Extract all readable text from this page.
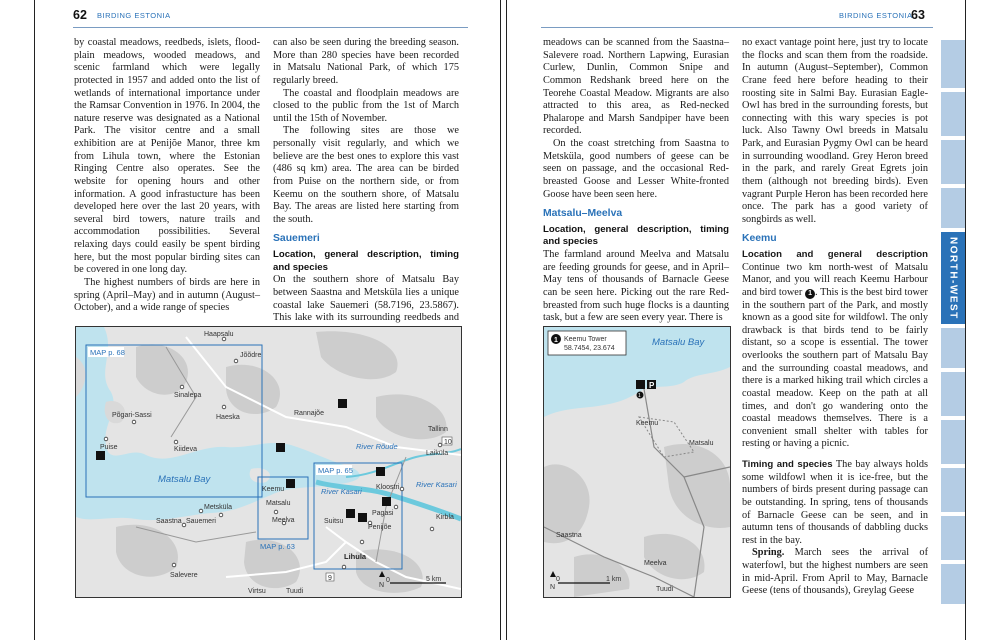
62 BIRDING ESTONIA

by coastal meadows, reedbeds, islets, flood-plain meadows, wooded meadows, and scenic farmland which were legally protected in 1957 and added onto the list of wetlands of international importance under the Ramsar Convention in 1976. In 2004, the nature reserve was designated as a National Park. The visitor centre and a small exhibition are at Penijõe Manor, three km from Lihula town, where the Estonian Ringing Centre also operates. See the website for opening hours and other information. A good infrastucture has been developed here over the last 20 years, with several bird towers, nature trails and accommodation possibilities. Several relaxing days could easily be spent birding here, but the most popular birding sites can be covered in one long day.

The highest numbers of birds are here in spring (April–May) and in autumn (August–October), and a wide range of species

can also be seen during the breeding season. More than 280 species have been recorded in Matsalu National Park, of which 175 regularly breed.

The coastal and floodplain meadows are closed to the public from the 1st of March until the 15th of November.

The following sites are those we personally visit regularly, and which we believe are the best ones to explore this vast (486 sq km) area. The area can be birded from Puise on the northern side, or from Keemu on the southern shore, of Matsalu Bay. The areas are listed here starting from the south.

Sauemeri
Location, general description, timing and species

On the southern shore of Matsalu Bay between Saastna and Metsküla lies a unique coastal lake Sauemeri (58.7196, 23.5867). This lake with its surrounding reedbeds and

MAP p. 68
MAP p. 65
MAP p. 63
Matsalu Bay
River Rõude
River Kasari
River Kasari
Haapsalu
Jõõdre
Sinalepa
Haeska
Rannajõe
Põgari-Sassi
Puise	Kiideva
Laiküla
Tallinn
Keemu
Matsalu
Kloostri
Metsküla
Saastna Sauemeri	Meelva	Suitsu
Pagasi
Penijõe
Kirbla
Lihula
Salevere
Tuudi
Virtsu
10
9	0	5 km
N
63
BIRDING ESTONIA

meadows can be scanned from the Saastna–Salevere road. Northern Lapwing, Eurasian Curlew, Dunlin, Common Snipe and Common Redshank breed here on the Teorehe Coastal Meadow. Migrants are also attracted to this area, as Red-necked Phalarope and Marsh Sandpiper have been recorded.

On the coast stretching from Saastna to Metsküla, good numbers of geese can be seen on passage, and the occasional Red-breasted Goose and Lesser White-fronted Goose have been seen here.

Matsalu–Meelva
Location, general description, timing and species

The farmland around Meelva and Matsalu are feeding grounds for geese, and in April–May tens of thousands of Barnacle Geese can be seen here. Picking out the rare Red-breasted from such huge flocks is a daunting task, but a few are seen every year. There is

no exact vantage point here, just try to locate the flocks and scan them from the roadside. In autumn (August–September), Common Crane feed here before heading to their roosting site in Salmi Bay. Eurasian Eagle-Owl has bred in the surrounding forests, but connecting with this wary species is pot luck. Also Tawny Owl breeds in Matsalu Park, and Eurasian Pygmy Owl can be heard in surrounding woodland. Grey Heron breed in the park, and rarely Great Egrets join them (although not breeding birds). Even vagrant Purple Heron has been recorded here once. The park has a good variety of songbirds as well.

Keemu

Location and general description Continue two km north-west of Matsalu Manor, and you will reach Keemu Harbour and bird tower 1 . This is the best bird tower in the southern part of the Park, and mostly known as a good site for wildfowl. The only drawback is that birds tend to be fairly distant, so a scope is essential. The tower overlooks the southern part of Matsalu Bay and the surrounding coastal meadows, and there is a marked hiking trail which circles a coastal meadow. Keep on the path at all times, and don't go wandering onto the coastal meadows themselves. There is a convenient small shelter with tables for resting or having a picnic.

Timing and species The bay always holds some wildfowl when it is ice-free, but the numbers of birds present during passage can be outstanding. In spring, tens of thousands of Barnacle Geese can be seen, and in autumn tens of thousands of dabbling ducks rest in the bay.

Spring. March sees the arrival of waterfowl, but the highest numbers are seen in mid-April. From April to May, Barnacle Geese (tens of thousands), Greylag Geese

1 Keemu Tower
58.7454, 23.674
Matsalu Bay
P
1
Keemu
Matsalu
Saastna
Meelva
Tuudi
0	1 km
N
NORTH-WEST
